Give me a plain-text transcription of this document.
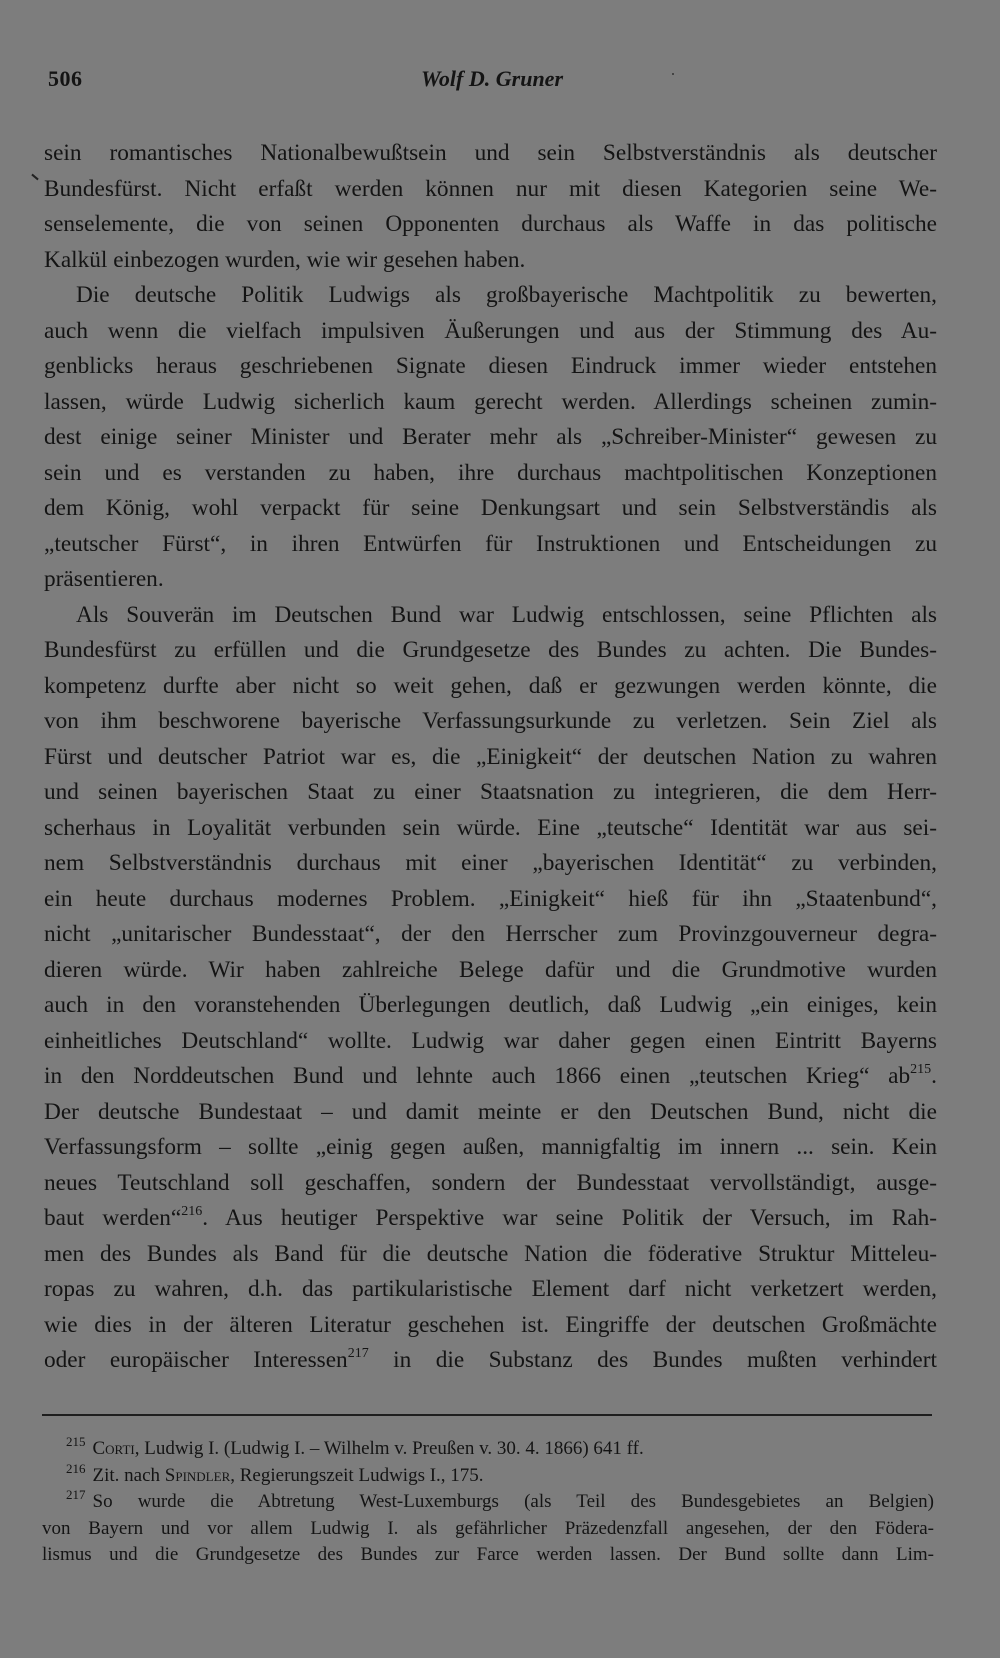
506	Wolf D. Gruner
sein romantisches Nationalbewußtsein und sein Selbstverständnis als deutscher
Bundesfürst. Nicht erfaßt werden können nur mit diesen Kategorien seine We-
senselemente, die von seinen Opponenten durchaus als Waffe in das politische
Kalkül einbezogen wurden, wie wir gesehen haben.
Die deutsche Politik Ludwigs als großbayerische Machtpolitik zu bewerten,
auch wenn die vielfach impulsiven Äußerungen und aus der Stimmung des Au-
genblicks heraus geschriebenen Signate diesen Eindruck immer wieder entstehen
lassen, würde Ludwig sicherlich kaum gerecht werden. Allerdings scheinen zumin-
dest einige seiner Minister und Berater mehr als „Schreiber-Minister“ gewesen zu
sein und es verstanden zu haben, ihre durchaus machtpolitischen Konzeptionen
dem König, wohl verpackt für seine Denkungsart und sein Selbstverständis als
„teutscher Fürst“, in ihren Entwürfen für Instruktionen und Entscheidungen zu
präsentieren.
Als Souverän im Deutschen Bund war Ludwig entschlossen, seine Pflichten als
Bundesfürst zu erfüllen und die Grundgesetze des Bundes zu achten. Die Bundes-
kompetenz durfte aber nicht so weit gehen, daß er gezwungen werden könnte, die
von ihm beschworene bayerische Verfassungsurkunde zu verletzen. Sein Ziel als
Fürst und deutscher Patriot war es, die „Einigkeit“ der deutschen Nation zu wahren
und seinen bayerischen Staat zu einer Staatsnation zu integrieren, die dem Herr-
scherhaus in Loyalität verbunden sein würde. Eine „teutsche“ Identität war aus sei-
nem Selbstverständnis durchaus mit einer „bayerischen Identität“ zu verbinden,
ein heute durchaus modernes Problem. „Einigkeit“ hieß für ihn „Staatenbund“,
nicht „unitarischer Bundesstaat“, der den Herrscher zum Provinzgouverneur degra-
dieren würde. Wir haben zahlreiche Belege dafür und die Grundmotive wurden
auch in den voranstehenden Überlegungen deutlich, daß Ludwig „ein einiges, kein
einheitliches Deutschland“ wollte. Ludwig war daher gegen einen Eintritt Bayerns
in den Norddeutschen Bund und lehnte auch 1866 einen „teutschen Krieg“ $ab^{215}$.
Der deutsche Bundestaat – und damit meinte er den Deutschen Bund, nicht die
Verfassungsform – sollte „einig gegen außen, mannigfaltig im innern ... sein. Kein
neues Teutschland soll geschaffen, sondern der Bundesstaat vervollständigt, ausge-
baut werden“$^{216}$. Aus heutiger Perspektive war seine Politik der Versuch, im Rah-
men des Bundes als Band für die deutsche Nation die föderative Struktur Mitteleu-
ropas zu wahren, d.h. das partikularistische Element darf nicht verketzert werden,
wie dies in der älteren Literatur geschehen ist. Eingriffe der deutschen Großmächte
oder europäischer Interessen$^{217}$ in die Substanz des Bundes mußten verhindert
$^{215}$ Corti, Ludwig I. (Ludwig I. – Wilhelm v. Preußen v. 30. 4. 1866) 641 ff.
$^{216}$ Zit. nach Spindler, Regierungszeit Ludwigs I., 175.
$^{217}$ So wurde die Abtretung West-Luxemburgs (als Teil des Bundesgebietes an Belgien)
von Bayern und vor allem Ludwig I. als gefährlicher Präzedenzfall angesehen, der den Födera-
lismus und die Grundgesetze des Bundes zur Farce werden lassen. Der Bund sollte dann Lim-
